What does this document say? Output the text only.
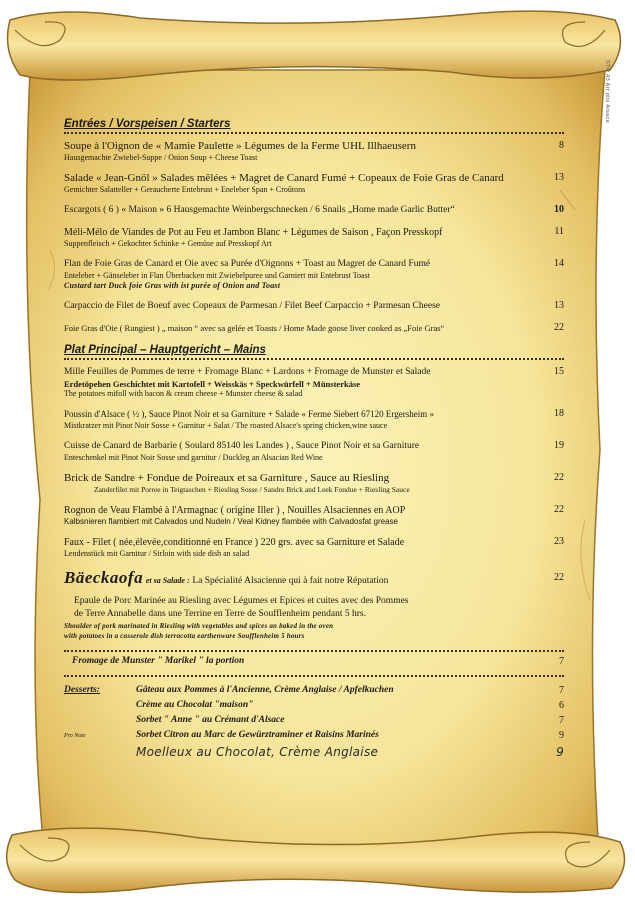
STR 43 Art plis Alsace
Entrées / Vorspeisen / Starters
Soupe à l'Oignon de « Mamie Paulette » Légumes de la Ferme UHL Illhaeusern
Hausgemachte Zwiebel-Suppe / Onion Soup + Cheese Toast
8
Salade « Jean-Gnöl » Salades mêlées + Magret de Canard Fumé + Copeaux de Foie Gras de Canard
Gemichter Salatteller + Geraucherte Entebrust + Eneleber Span + Croûtons
13
Escargots ( 6 ) « Maison » 6 Hausgemachte Weinbergschnecken / 6 Snails „Home made Garlic Butter“	10
Méli-Mélo de Viandes de Pot au Feu et Jambon Blanc + Légumes de Saison , Façon Presskopf
Suppenfleisch + Gekochter Schinke + Gemüse auf Presskopf Art
11
Flan de Foie Gras de Canard et Oie avec sa Purée d'Oignons + Toast au Magret de Canard Fumé
Enteleber + Gänseleber in Flan Überbacken mit Zwiebelpuree und Garniert mit Entebrust Toast
Custard tart Duck foie Gras with ist purée of Onion and Toast
14
Carpaccio de Filet de Boeuf avec Copeaux de Parmesan / Filet Beef Carpaccio + Parmesan Cheese	13
Foie Gras d'Oie ( Rungiest ) „ maison “ avec sa gelée et Toasts / Home Made goose liver cooked as „Foie Gras“	22
Plat Principal – Hauptgericht – Mains
Mille Feuilles de Pommes de terre + Fromage Blanc + Lardons + Fromage de Munster et Salade
Erdetöpehen Geschichtet mit Kartofell + Weisskäs + Speckwürfell + Münsterkäse
The potatoes mifoll with bacon & cream cheese + Munster cheese & salad
15
Poussin d'Alsace ( ½ ), Sauce Pinot Noir et sa Garniture + Salade « Ferme Siebert 67120 Ergersheim »
Mistkratzer mit Pinot Noir Sosse + Garnitur + Salat / The roasted Alsace's spring chicken,wine sauce
18
Cuisse de Canard de Barbarie ( Soulard 85140 les Landes ) , Sauce Pinot Noir et sa Garniture
Enteschenkel mit Pinot Noir Sosse und garnitur / Duckleg an Alsacian Red Wine
19
Brick de Sandre + Fondue de Poireaux et sa Garniture , Sauce au Riesling
Zanderfilet mit Porree in Teigtaschen + Riesling Sosse / Sandre Brick and Leek Fondue + Riesling Sauce
22
Rognon de Veau Flambé à l'Armagnac ( origine Iller ) , Nouilles Alsaciennes en AOP
Kalbsnieren flambiert mit Calvados und Nudeln / Veal Kidney flambée with Calvadosfat grease
22
Faux - Filet ( née,élevée,conditionné en France ) 220 grs. avec sa Garniture et Salade
Lendenstück mit Garnitur / Sirloin with side dish an salad
23
Bäeckaofa et sa Salade : La Spécialité Alsacienne qui à fait notre Réputation
Epaule de Porc Marinée au Riesling avec Légumes et Epices et cuites avec des Pommes
de Terre Annabelle dans une Terrine en Terre de Soufflenheim pendant 5 hrs.
Shoulder of pork marinated in Riesling with vegetables and spices an baked in the oven
with potatoes in a casserole dish terracotta earthenware Soufflenheim 5 hours
22
Fromage de Munster " Marikel " la portion	7
Desserts:	Gâteau aux Pommes à l'Ancienne, Crème Anglaise / Apfelkuchen	7
Crème au Chocolat "maison"	6
Sorbet " Anne " au Crémant d'Alsace	7
Pro Note	Sorbet Citron au Marc de Gewürztraminer et Raisins Marinés	9
Moelleux au Chocolat, Crème Anglaise	9
